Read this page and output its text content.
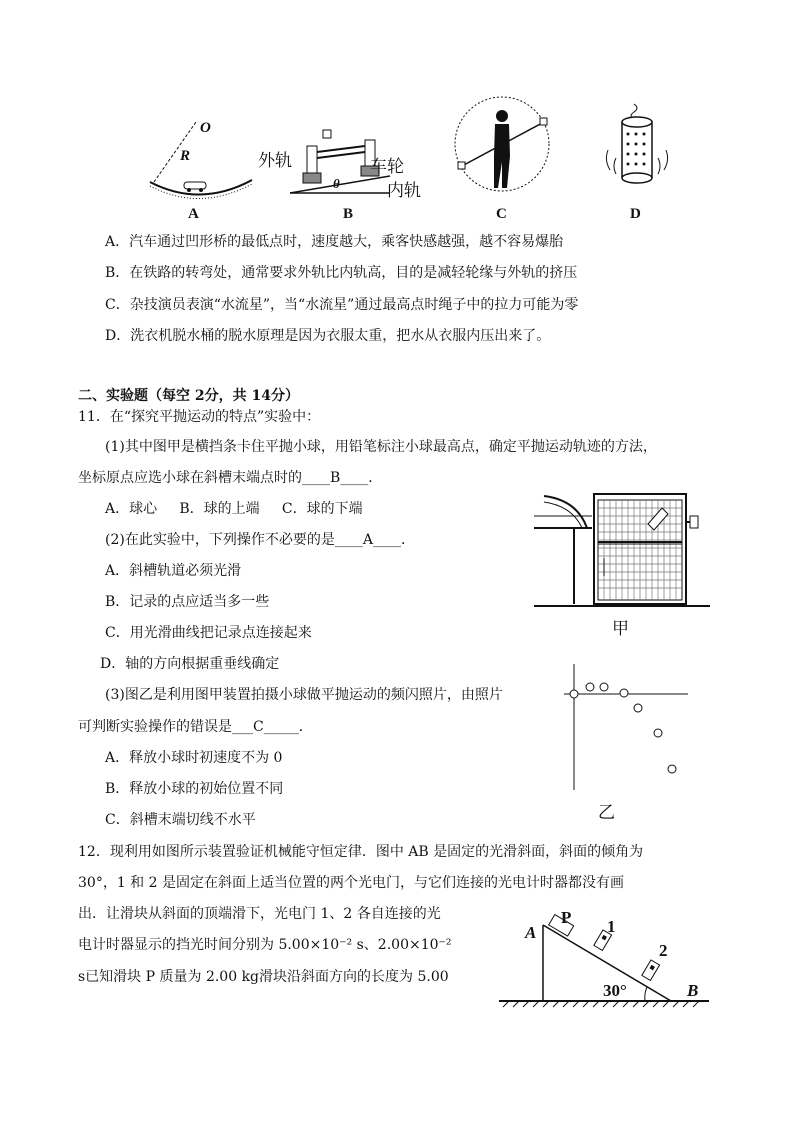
O
R
A
外轨	车轮
内轨
θ
B	C	D
A．汽车通过凹形桥的最低点时，速度越大，乘客快感越强，越不容易爆胎
B．在铁路的转弯处，通常要求外轨比内轨高，目的是减轻轮缘与外轨的挤压
C．杂技演员表演“水流星”，当“水流星”通过最高点时绳子中的拉力可能为零
D．洗衣机脱水桶的脱水原理是因为衣服太重，把水从衣服内压出来了。
二、实验题（每空 2分，共 14分）
11．在“探究平抛运动的特点”实验中：
(1)其中图甲是横挡条卡住平抛小球，用铅笔标注小球最高点，确定平抛运动轨迹的方法，
坐标原点应选小球在斜槽末端点时的____B____．
A．球心     B．球的上端     C．球的下端
(2)在此实验中，下列操作不必要的是____A____．
A．斜槽轨道必须光滑
B．记录的点应适当多一些
C．用光滑曲线把记录点连接起来
D．轴的方向根据重垂线确定
(3)图乙是利用图甲装置拍摄小球做平抛运动的频闪照片，由照片
可判断实验操作的错误是___C_____．
A．释放小球时初速度不为 0
B．释放小球的初始位置不同
C．斜槽末端切线不水平
甲
乙
12．现利用如图所示装置验证机械能守恒定律．图中 AB 是固定的光滑斜面，斜面的倾角为
30°，1 和 2 是固定在斜面上适当位置的两个光电门，与它们连接的光电计时器都没有画
出．让滑块从斜面的顶端滑下，光电门 1、2 各自连接的光
电计时器显示的挡光时间分别为 5.00×10⁻² s、2.00×10⁻²
s已知滑块 P 质量为 2.00 kg滑块沿斜面方向的长度为 5.00
A
P 1
2
30°	B
